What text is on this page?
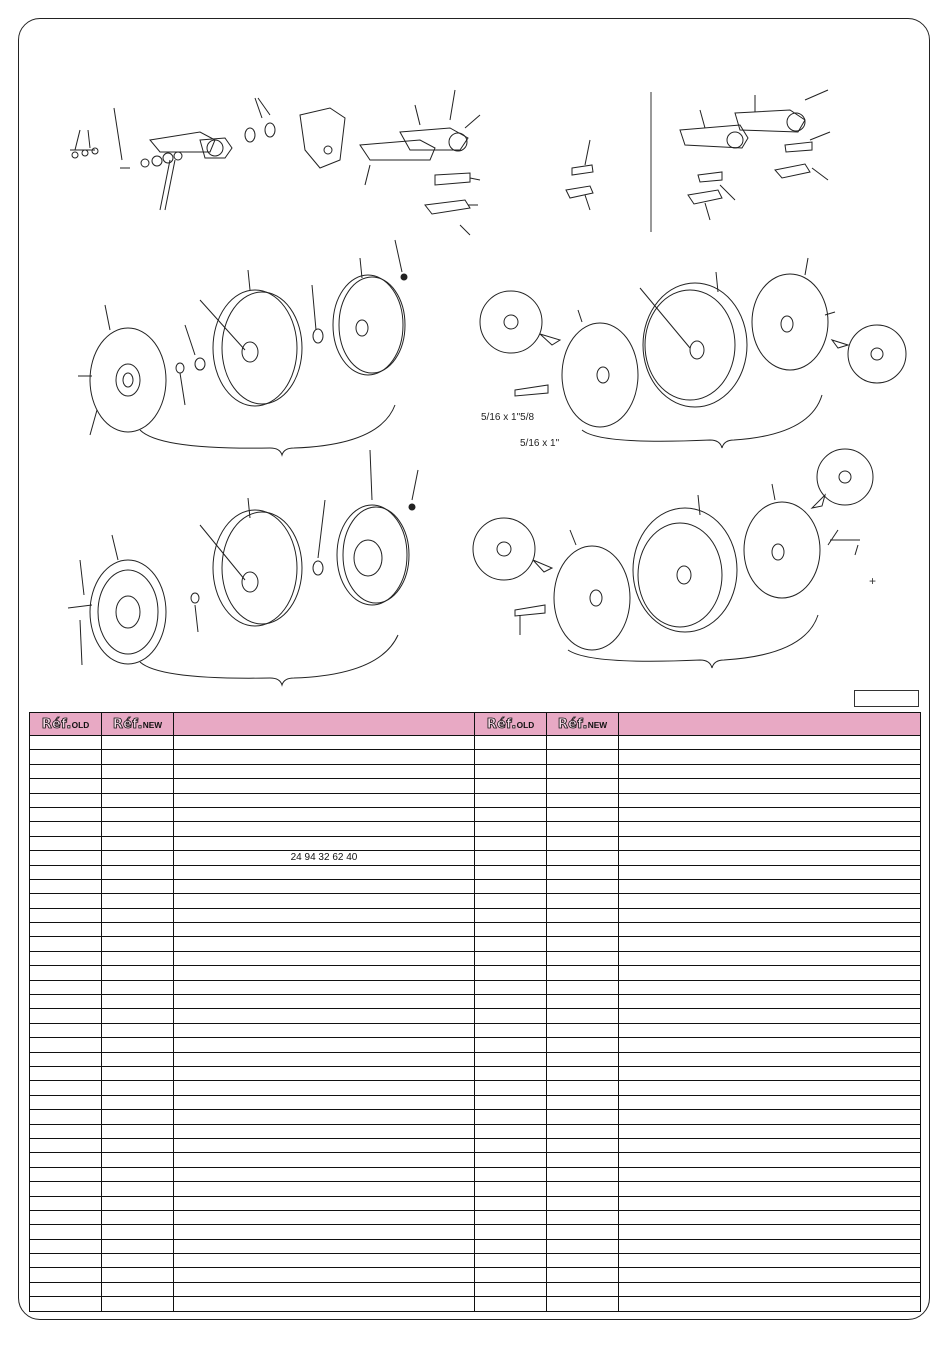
5/16 x 1"5/8
5/16 x 1"
+
Réf.OLD	Réf.NEW		Réf.OLD	Réf.NEW	

		24 94 32 62 40			
